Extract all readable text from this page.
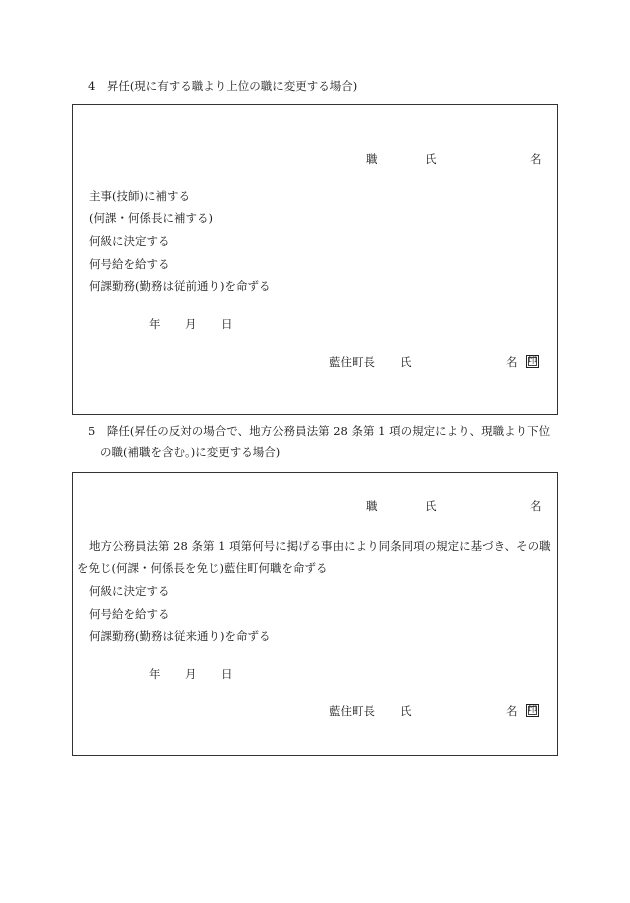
4　昇任(現に有する職より上位の職に変更する場合)
職	氏	名
主事(技師)に補する
(何課・何係長に補する)
何級に決定する
何号給を給する
何課勤務(勤務は従前通り)を命ずる
年 月 日
藍住町長 氏	名 印
5　降任(昇任の反対の場合で、地方公務員法第 28 条第 1 項の規定により、現職より下位
の職(補職を含む。)に変更する場合)
職	氏	名
地方公務員法第 28 条第 1 項第何号に掲げる事由により同条同項の規定に基づき、その職
を免じ(何課・何係長を免じ)藍住町何職を命ずる
何級に決定する
何号給を給する
何課勤務(勤務は従来通り)を命ずる
年 月 日
藍住町長 氏	名 印
